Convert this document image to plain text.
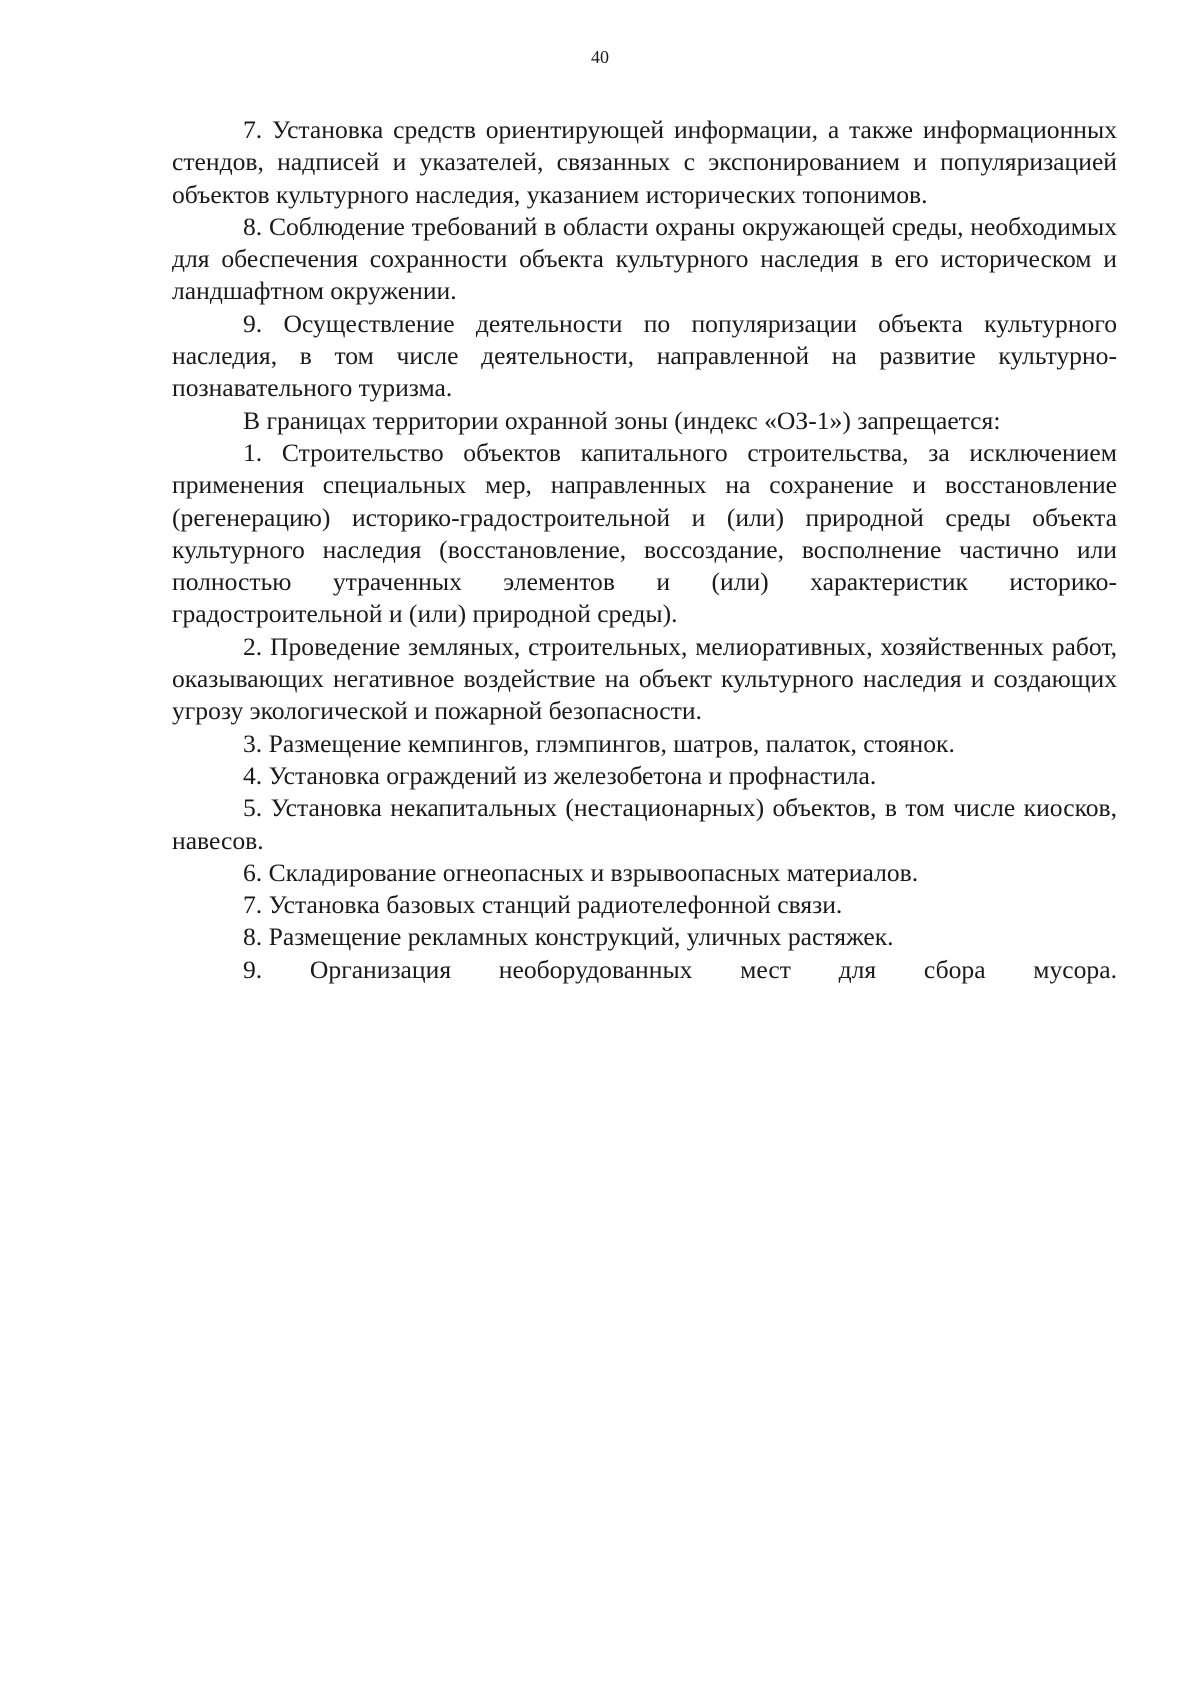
40

7. Установка средств ориентирующей информации, а также информационных стендов, надписей и указателей, связанных с экспонированием и популяризацией объектов культурного наследия, указанием исторических топонимов.

8. Соблюдение требований в области охраны окружающей среды, необходимых для обеспечения сохранности объекта культурного наследия в его историческом и ландшафтном окружении.

9. Осуществление деятельности по популяризации объекта культурного наследия, в том числе деятельности, направленной на развитие культурно-познавательного туризма.

В границах территории охранной зоны (индекс «ОЗ-1») запрещается:

1. Строительство объектов капитального строительства, за исключением применения специальных мер, направленных на сохранение и восстановление (регенерацию) историко-градостроительной и (или) природной среды объекта культурного наследия (восстановление, воссоздание, восполнение частично или полностью утраченных элементов и (или) характеристик историко-градостроительной и (или) природной среды).

2. Проведение земляных, строительных, мелиоративных, хозяйственных работ, оказывающих негативное воздействие на объект культурного наследия и создающих угрозу экологической и пожарной безопасности.

3. Размещение кемпингов, глэмпингов, шатров, палаток, стоянок.

4. Установка ограждений из железобетона и профнастила.

5. Установка некапитальных (нестационарных) объектов, в том числе киосков, навесов.

6. Складирование огнеопасных и взрывоопасных материалов.

7. Установка базовых станций радиотелефонной связи.

8. Размещение рекламных конструкций, уличных растяжек.

9. Организация необорудованных мест для сбора мусора.
